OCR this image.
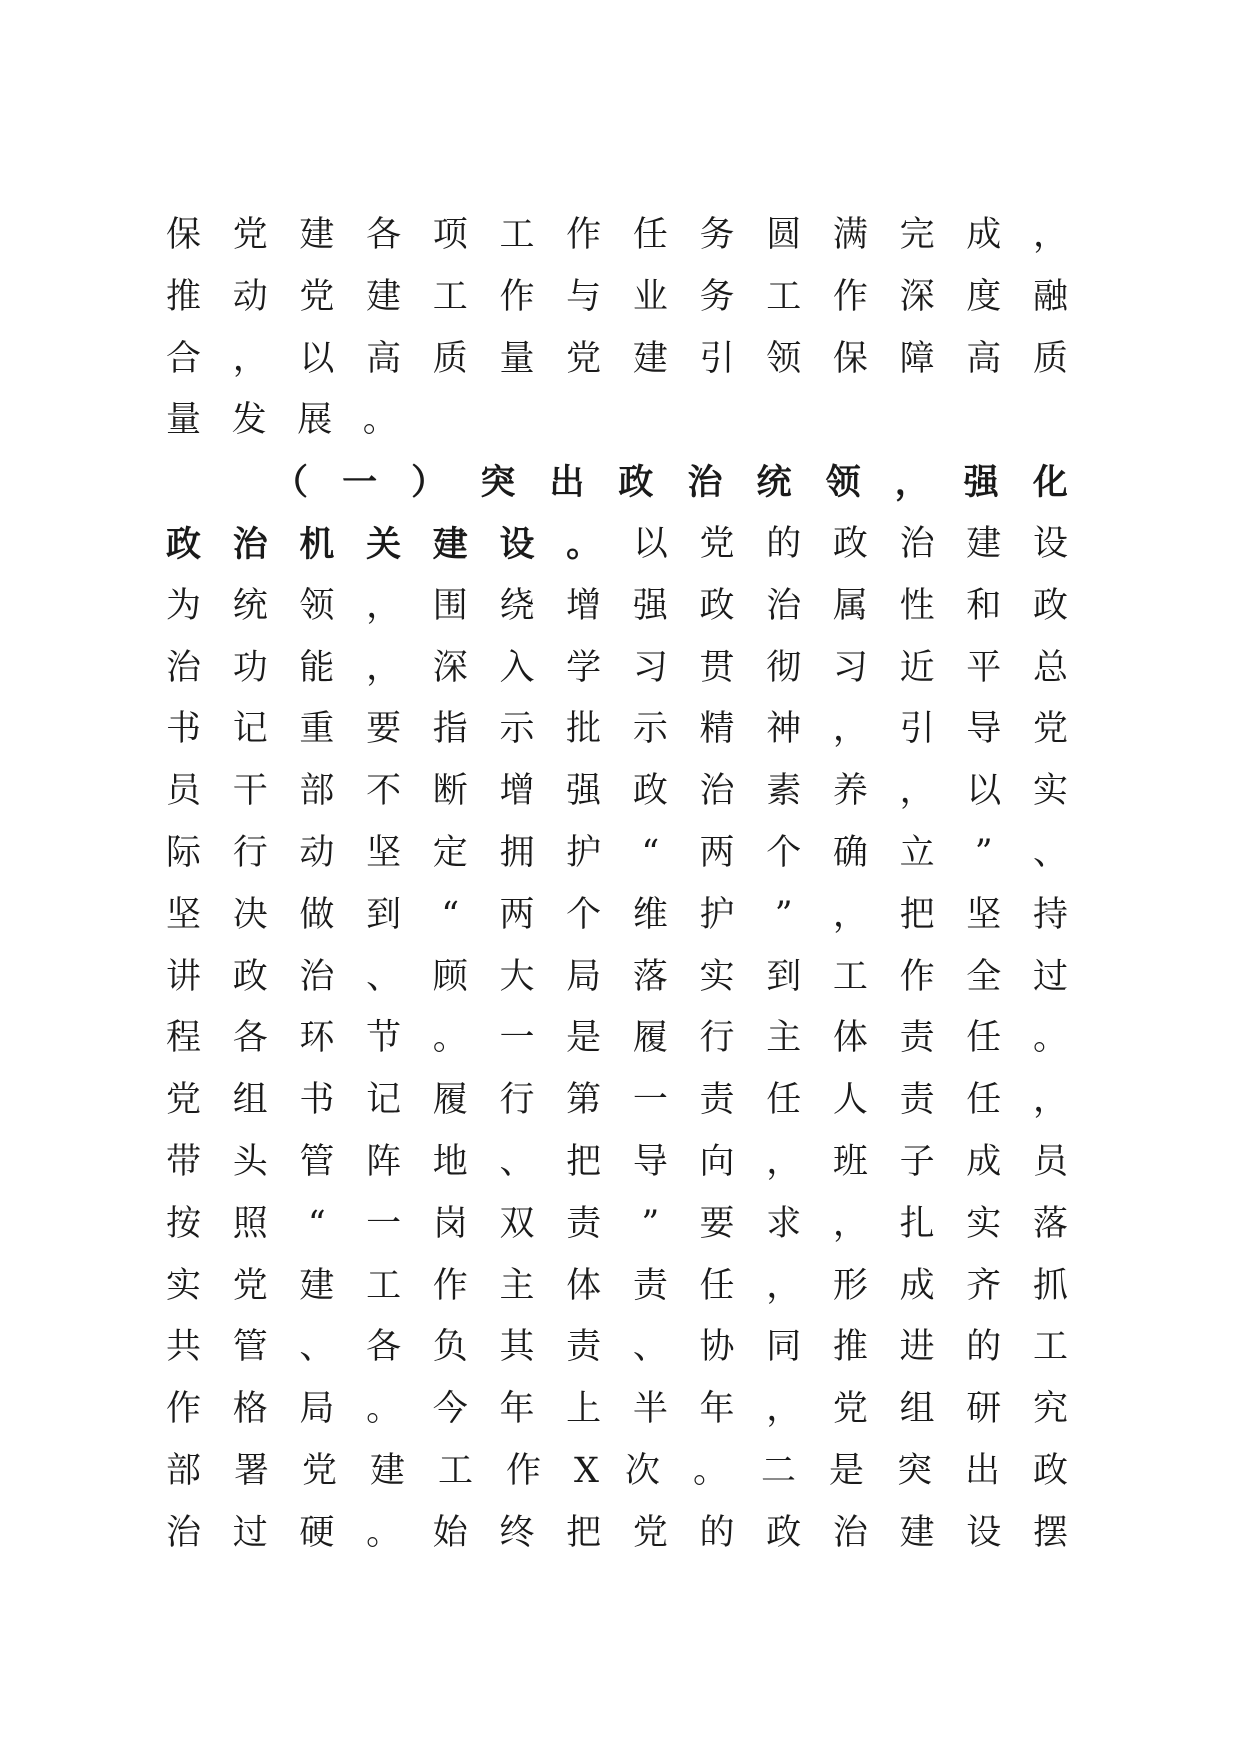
保 党 建 各 项 工 作 任 务 圆 满 完 成 ，
推 动 党 建 工 作 与 业 务 工 作 深 度 融
合 ， 以 高 质 量 党 建 引 领 保 障 高 质
量 发 展 。
（ 一 ） 突 出 政 治 统 领 ， 强 化
政 治 机 关 建 设 。 以 党 的 政 治 建 设
为 统 领 ， 围 绕 增 强 政 治 属 性 和 政
治 功 能 ， 深 入 学 习 贯 彻 习 近 平 总
书 记 重 要 指 示 批 示 精 神 ， 引 导 党
员 干 部 不 断 增 强 政 治 素 养 ， 以 实
际 行 动 坚 定 拥 护 “ 两 个 确 立 ” 、
坚 决 做 到 “ 两 个 维 护 ” ， 把 坚 持
讲 政 治 、 顾 大 局 落 实 到 工 作 全 过
程 各 环 节 。 一 是 履 行 主 体 责 任 。
党 组 书 记 履 行 第 一 责 任 人 责 任 ，
带 头 管 阵 地 、 把 导 向 ， 班 子 成 员
按 照 “ 一 岗 双 责 ” 要 求 ， 扎 实 落
实 党 建 工 作 主 体 责 任 ， 形 成 齐 抓
共 管 、 各 负 其 责 、 协 同 推 进 的 工
作 格 局 。 今 年 上 半 年 ， 党 组 研 究
部 署 党 建 工 作 X 次 。 二 是 突 出 政
治 过 硬 。 始 终 把 党 的 政 治 建 设 摆
